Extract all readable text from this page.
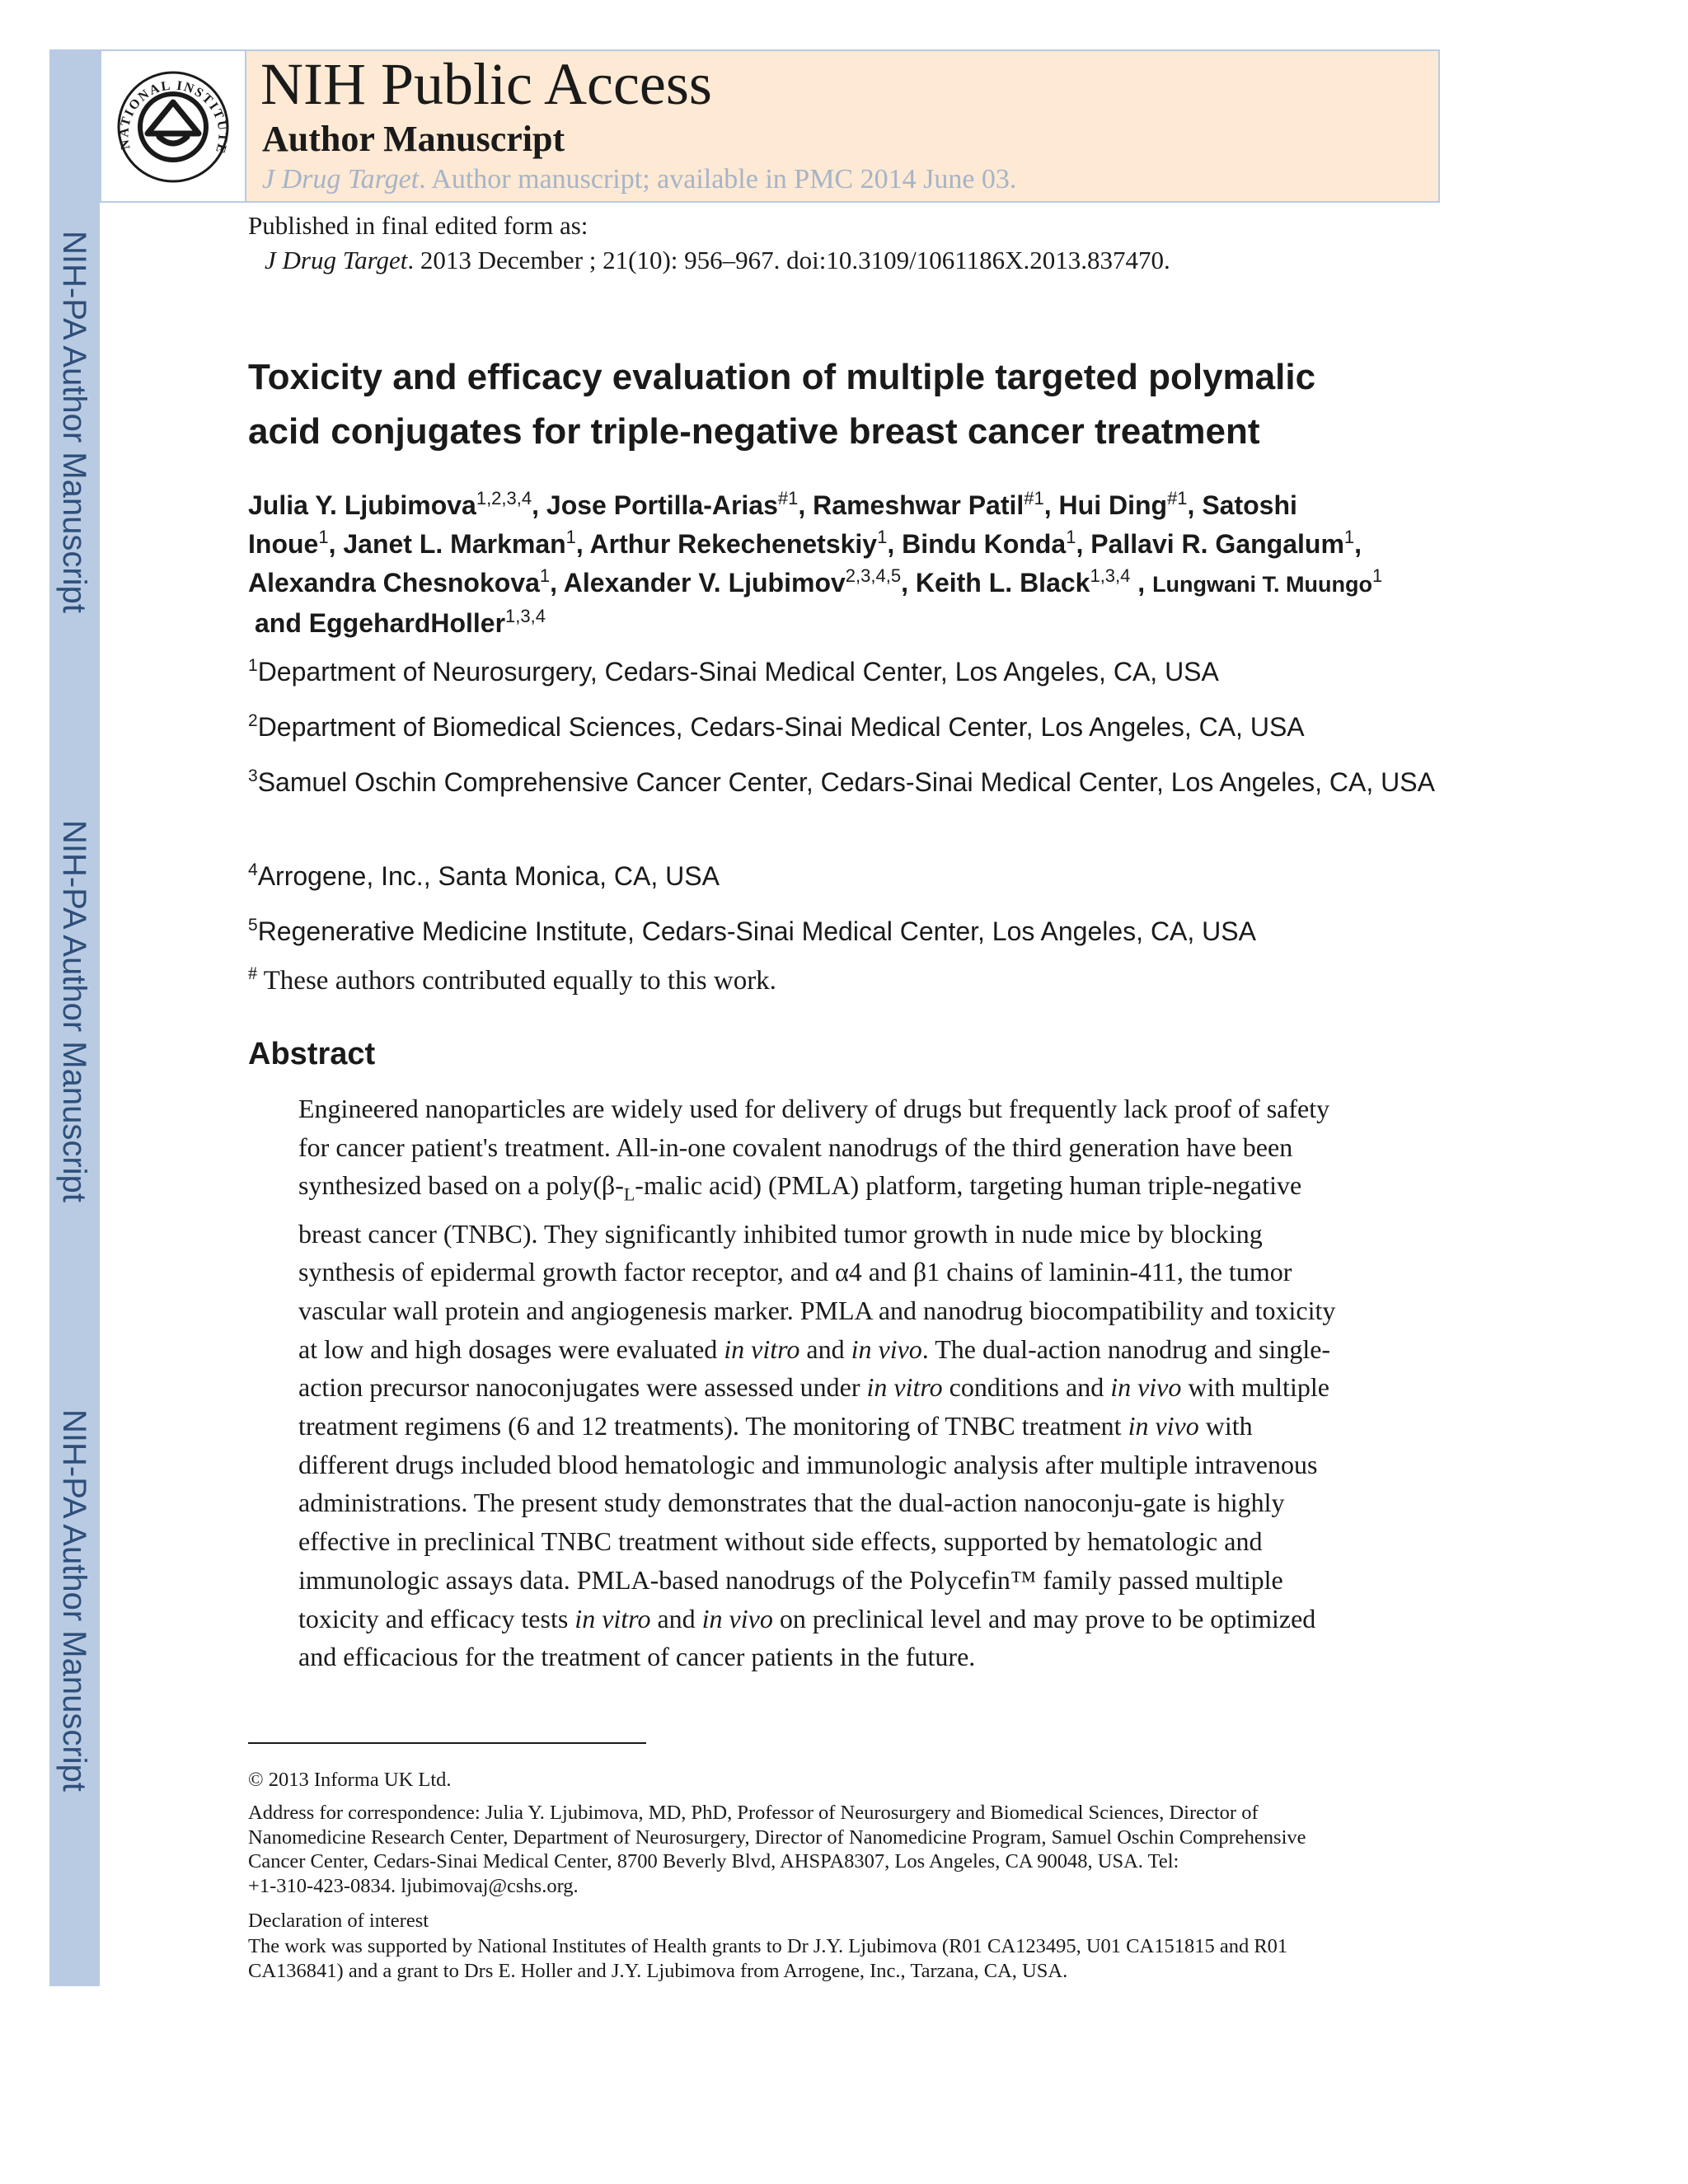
NIH-PA Author Manuscript
NIH-PA Author Manuscript
NIH-PA Author Manuscript
NATIONAL INSTITUTE
NIH Public Access
Author Manuscript
J Drug Target. Author manuscript; available in PMC 2014 June 03.
Published in final edited form as:
J Drug Target. 2013 December ; 21(10): 956–967. doi:10.3109/1061186X.2013.837470.
Toxicity and efficacy evaluation of multiple targeted polymalic
acid conjugates for triple-negative breast cancer treatment
Julia Y. Ljubimova$^{1,2,3,4}$, Jose Portilla-Arias$^{\#1}$, Rameshwar Patil$^{\#1}$, Hui Ding$^{\#1}$, Satoshi
Inoue$^1$, Janet L. Markman$^1$, Arthur Rekechenetskiy$^1$, Bindu Konda$^1$, Pallavi R. Gangalum$^1$,
Alexandra Chesnokova$^1$, Alexander V. Ljubimov$^{2,3,4,5}$, Keith L. Black$^{1,3,4}$ , Lungwani T. Muungo$^1$
and EggehardHoller$^{1,3,4}$

$^1$Department of Neurosurgery, Cedars-Sinai Medical Center, Los Angeles, CA, USA

$^2$Department of Biomedical Sciences, Cedars-Sinai Medical Center, Los Angeles, CA, USA

$^3$Samuel Oschin Comprehensive Cancer Center, Cedars-Sinai Medical Center, Los Angeles, CA, USA

$^4$Arrogene, Inc., Santa Monica, CA, USA

$^5$Regenerative Medicine Institute, Cedars-Sinai Medical Center, Los Angeles, CA, USA

# These authors contributed equally to this work.
Abstract
Engineered nanoparticles are widely used for delivery of drugs but frequently lack proof of safety
for cancer patient's treatment. All-in-one covalent nanodrugs of the third generation have been
synthesized based on a $poly(\beta-_L$-malic acid) (PMLA) platform, targeting human triple-negative
breast cancer (TNBC). They significantly inhibited tumor growth in nude mice by blocking
synthesis of epidermal growth factor receptor, and α4 and β1 chains of laminin-411, the tumor
vascular wall protein and angiogenesis marker. PMLA and nanodrug biocompatibility and toxicity
at low and high dosages were evaluated in vitro and in vivo. The dual-action nanodrug and single-
action precursor nanoconjugates were assessed under in vitro conditions and in vivo with multiple
treatment regimens (6 and 12 treatments). The monitoring of TNBC treatment in vivo with
different drugs included blood hematologic and immunologic analysis after multiple intravenous
administrations. The present study demonstrates that the dual-action nanoconju-gate is highly
effective in preclinical TNBC treatment without side effects, supported by hematologic and
immunologic assays data. PMLA-based nanodrugs of the Polycefin™ family passed multiple
toxicity and efficacy tests in vitro and in vivo on preclinical level and may prove to be optimized
and efficacious for the treatment of cancer patients in the future.

© 2013 Informa UK Ltd.

Address for correspondence: Julia Y. Ljubimova, MD, PhD, Professor of Neurosurgery and Biomedical Sciences, Director of
Nanomedicine Research Center, Department of Neurosurgery, Director of Nanomedicine Program, Samuel Oschin Comprehensive
Cancer Center, Cedars-Sinai Medical Center, 8700 Beverly Blvd, AHSPA8307, Los Angeles, CA 90048, USA. Tel:
+1-310-423-0834. ljubimovaj@cshs.org.

Declaration of interest

The work was supported by National Institutes of Health grants to Dr J.Y. Ljubimova (R01 CA123495, U01 CA151815 and R01
CA136841) and a grant to Drs E. Holler and J.Y. Ljubimova from Arrogene, Inc., Tarzana, CA, USA.
